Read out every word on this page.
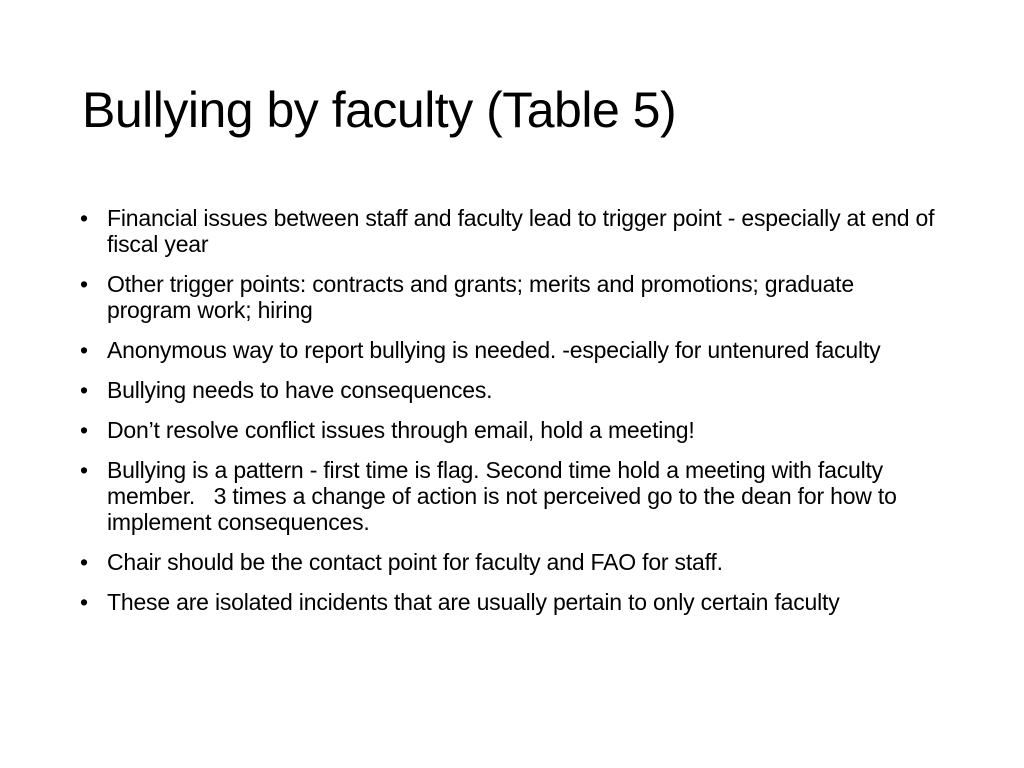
Bullying by faculty (Table 5)
• Financial issues between staff and faculty lead to trigger point - especially at end of fiscal year
• Other trigger points: contracts and grants; merits and promotions; graduate program work; hiring
• Anonymous way to report bullying is needed. -especially for untenured faculty
• Bullying needs to have consequences.
• Don’t resolve conflict issues through email, hold a meeting!
• Bullying is a pattern - first time is flag. Second time hold a meeting with faculty member.   3 times a change of action is not perceived go to the dean for how to implement consequences.
• Chair should be the contact point for faculty and FAO for staff.
• These are isolated incidents that are usually pertain to only certain faculty
